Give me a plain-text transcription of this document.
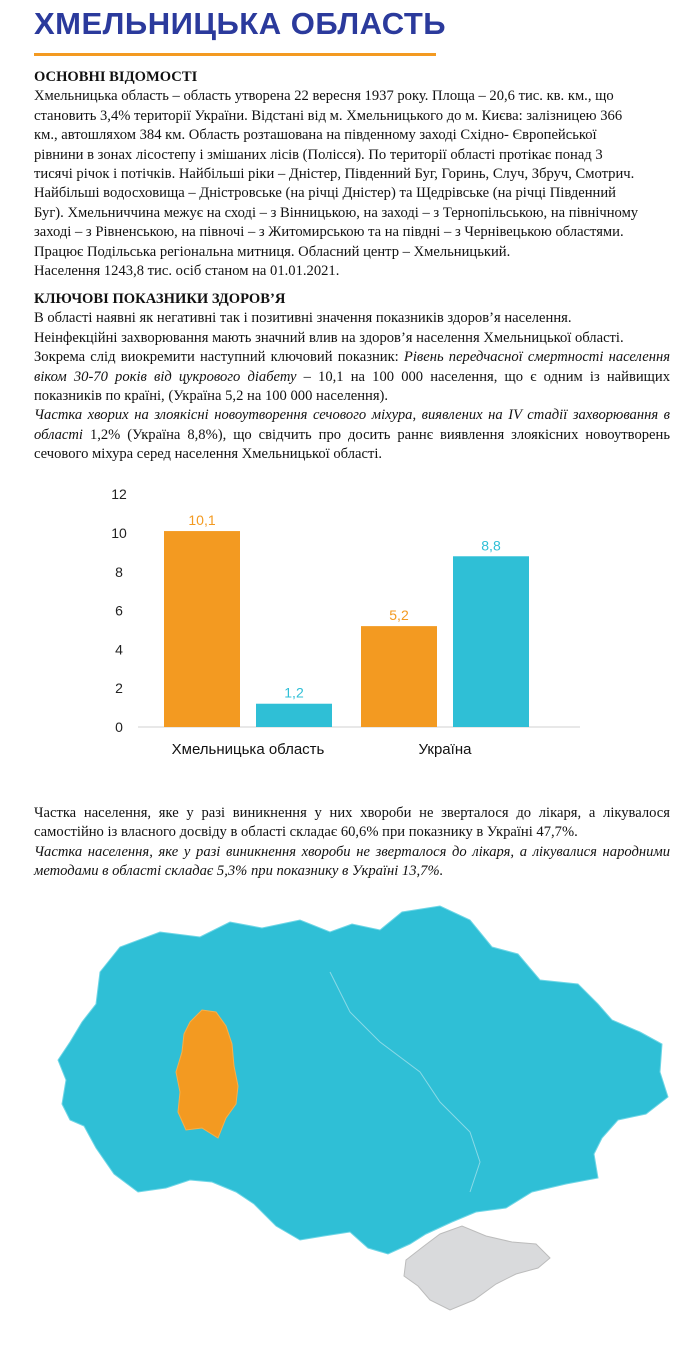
ХМЕЛЬНИЦЬКА ОБЛАСТЬ
ОСНОВНІ ВІДОМОСТІ
Хмельницька область – область утворена 22 вересня 1937 року. Площа – 20,6 тис. кв. км., що
становить 3,4% території України. Відстані від м. Хмельницького до м. Києва: залізницею 366
км., автошляхом 384 км. Область розташована на південному заході Східно- Європейської
рівнини в зонах лісостепу і змішаних лісів (Полісся). По території області протікає понад 3
тисячі річок і потічків. Найбільші ріки – Дністер, Південний Буг, Горинь, Случ, Збруч, Смотрич.
Найбільші водосховища – Дністровське (на річці Дністер) та Щедрівське (на річці Південний
Буг). Хмельниччина межує на сході – з Вінницькою, на заході – з Тернопільською, на північному
заході – з Рівненською, на півночі – з Житомирською та на півдні – з Чернівецькою областями.
Працює Подільська регіональна митниця. Обласний центр – Хмельницький.
Населення 1243,8 тис. осіб станом на 01.01.2021.
КЛЮЧОВІ ПОКАЗНИКИ ЗДОРОВ’Я

В області наявні як негативні так і позитивні значення показників здоров’я населення.

Неінфекційні захворювання мають значний влив на здоров’я населення Хмельницької області.

Зокрема слід виокремити наступний ключовий показник: Рівень передчасної смертності населення віком 30-70 років від цукрового діабету – 10,1 на 100 000 населення, що є одним із найвищих показників по країні, (Україна 5,2 на 100 000 населення).

Частка хворих на злоякісні новоутворення сечового міхура, виявлених на IV стадії захворювання в області 1,2% (Україна 8,8%), що свідчить про досить раннє виявлення злоякісних новоутворень сечового міхура серед населення Хмельницької області.

0
2
4
6
8
10
12
Хмельницька область	Україна
10,1
5,2
1,2
8,8

Частка населення, яке у разі виникнення у них хвороби не зверталося до лікаря, а лікувалося самостійно із власного досвіду в області складає 60,6% при показнику в Україні 47,7%.

Частка населення, яке у разі виникнення хвороби не зверталося до лікаря, а лікувалися народними методами в області складає 5,3% при показнику в Україні 13,7%.
